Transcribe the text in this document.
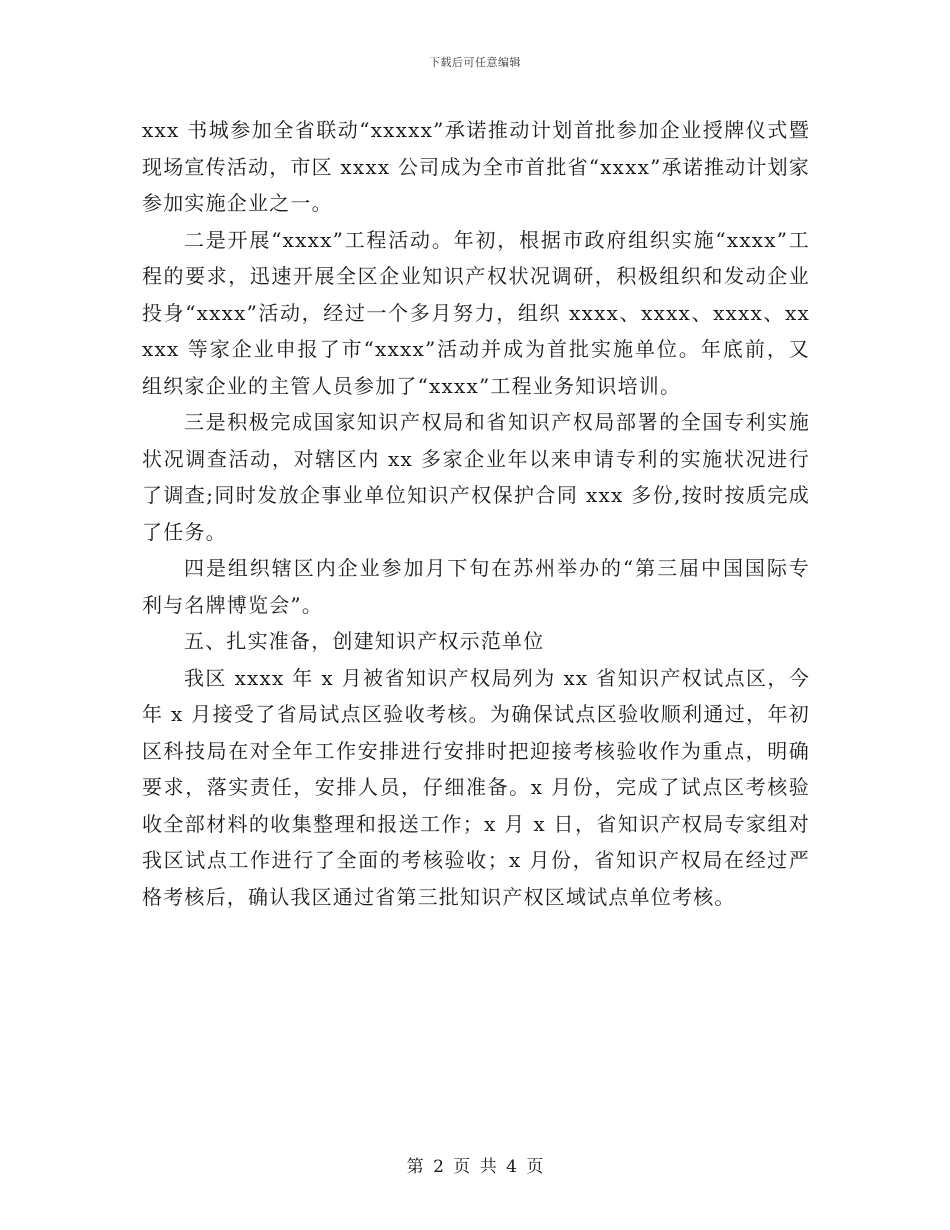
下载后可任意编辑

xxx 书城参加全省联动“xxxxx”承诺推动计划首批参加企业授牌仪式暨现场宣传活动，市区 xxxx 公司成为全市首批省“xxxx”承诺推动计划家参加实施企业之一。

二是开展“xxxx”工程活动。年初，根据市政府组织实施“xxxx”工程的要求，迅速开展全区企业知识产权状况调研，积极组织和发动企业投身“xxxx”活动，经过一个多月努力，组织 xxxx、xxxx、xxxx、xxxxx 等家企业申报了市“xxxx”活动并成为首批实施单位。年底前，又组织家企业的主管人员参加了“xxxx”工程业务知识培训。

三是积极完成国家知识产权局和省知识产权局部署的全国专利实施状况调查活动，对辖区内 xx 多家企业年以来申请专利的实施状况进行了调查;同时发放企事业单位知识产权保护合同 xxx 多份,按时按质完成了任务。

四是组织辖区内企业参加月下旬在苏州举办的“第三届中国国际专利与名牌博览会”。

五、扎实准备，创建知识产权示范单位

我区 xxxx 年 x 月被省知识产权局列为 xx 省知识产权试点区，今年 x 月接受了省局试点区验收考核。为确保试点区验收顺利通过，年初区科技局在对全年工作安排进行安排时把迎接考核验收作为重点，明确要求，落实责任，安排人员，仔细准备。x 月份，完成了试点区考核验收全部材料的收集整理和报送工作；x 月 x 日，省知识产权局专家组对我区试点工作进行了全面的考核验收；x 月份，省知识产权局在经过严格考核后，确认我区通过省第三批知识产权区域试点单位考核。

第 2 页 共 4 页
